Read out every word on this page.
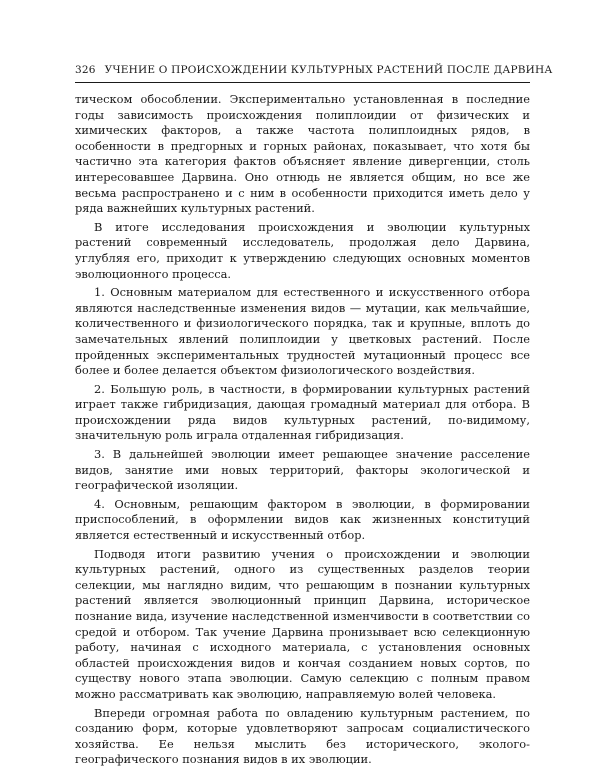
326 УЧЕНИЕ О ПРОИСХОЖДЕНИИ КУЛЬТУРНЫХ РАСТЕНИЙ ПОСЛЕ ДАРВИНА

тическом обособлении. Экспериментально установленная в последние годы зависимость происхождения полиплоидии от физических и химических факторов, а также частота полиплоидных рядов, в особенности в предгорных и горных районах, показывает, что хотя бы частично эта категория фактов объясняет явление дивергенции, столь интересовавшее Дарвина. Оно отнюдь не является общим, но все же весьма распространено и с ним в особенности приходится иметь дело у ряда важнейших культурных растений.

В итоге исследования происхождения и эволюции культурных растений современный исследователь, продолжая дело Дарвина, углубляя его, приходит к утверждению следующих основных моментов эволюционного процесса.

1. Основным материалом для естественного и искусственного отбора являются наследственные изменения видов — мутации, как мельчайшие, количественного и физиологического порядка, так и крупные, вплоть до замечательных явлений полиплоидии у цветковых растений. После пройденных экспериментальных трудностей мутационный процесс все более и более делается объектом физиологического воздействия.

2. Большую роль, в частности, в формировании культурных растений играет также гибридизация, дающая громадный материал для отбора. В происхождении ряда видов культурных растений, по-видимому, значительную роль играла отдаленная гибридизация.

3. В дальнейшей эволюции имеет решающее значение расселение видов, занятие ими новых территорий, факторы экологической и географической изоляции.

4. Основным, решающим фактором в эволюции, в формировании приспособлений, в оформлении видов как жизненных конституций является естественный и искусственный отбор.

Подводя итоги развитию учения о происхождении и эволюции культурных растений, одного из существенных разделов теории селекции, мы наглядно видим, что решающим в познании культурных растений является эволюционный принцип Дарвина, историческое познание вида, изучение наследственной изменчивости в соответствии со средой и отбором. Так учение Дарвина пронизывает всю селекционную работу, начиная с исходного материала, с установления основных областей происхождения видов и кончая созданием новых сортов, по существу нового этапа эволюции. Самую селекцию с полным правом можно рассматривать как эволюцию, направляемую волей человека.

Впереди огромная работа по овладению культурным растением, по созданию форм, которые удовлетворяют запросам социалистического хозяйства. Ее нельзя мыслить без исторического, эколого-географического познания видов в их эволюции.
